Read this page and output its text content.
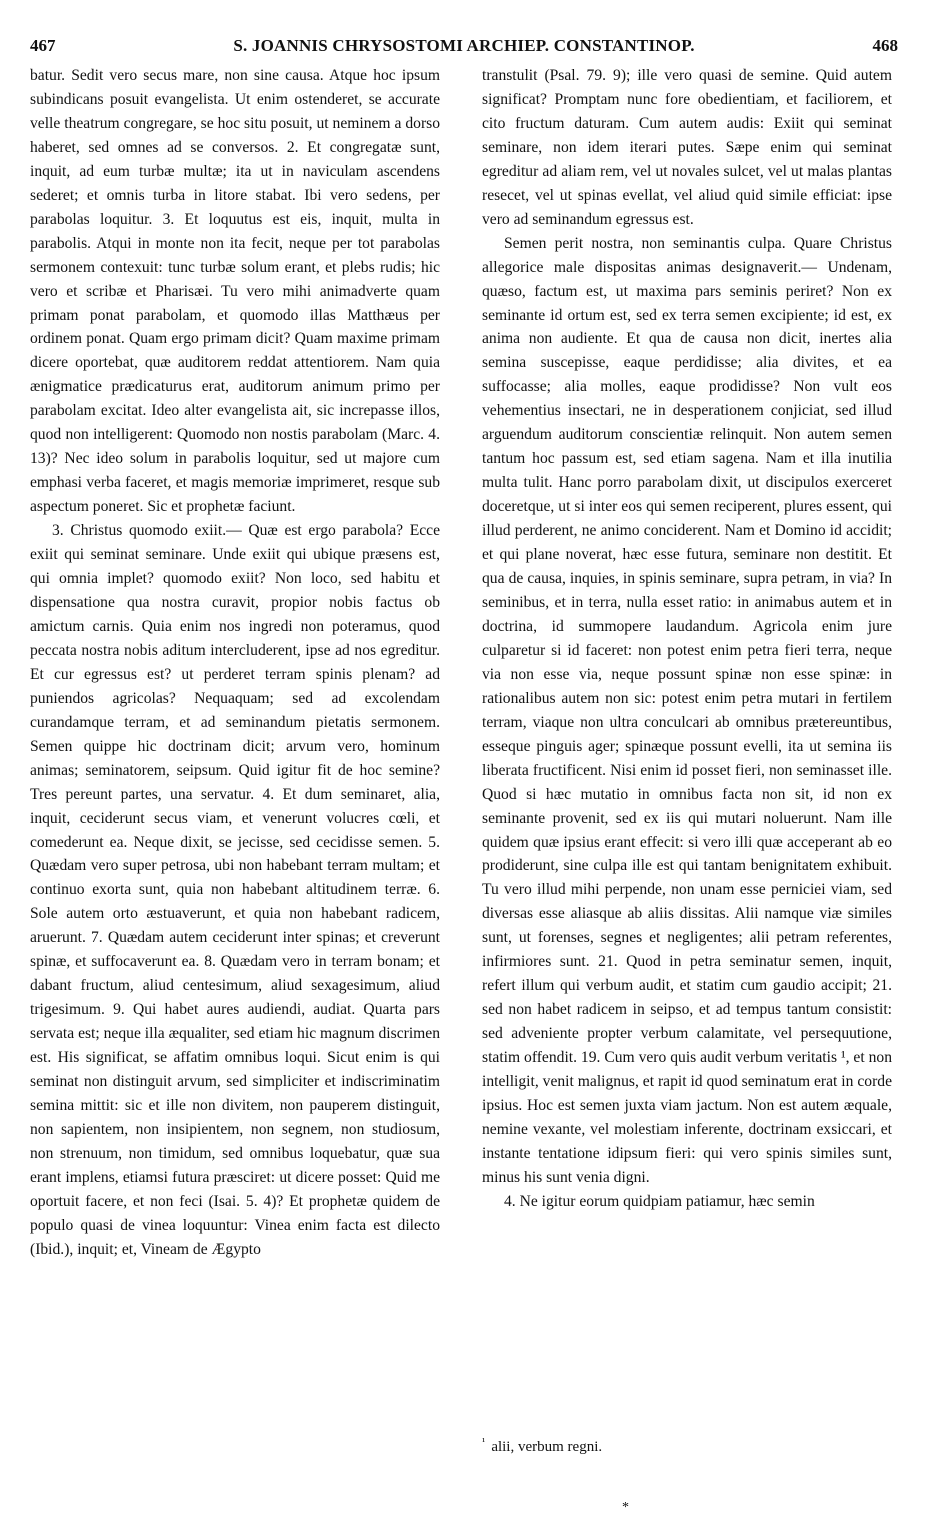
467	S. JOANNIS CHRYSOSTOMI ARCHIEP. CONSTANTINOP.	468

batur. Sedit vero secus mare, non sine causa. Atque hoc ipsum subindicans posuit evangelista. Ut enim ostenderet, se accurate velle theatrum congregare, se hoc situ posuit, ut neminem a dorso haberet, sed omnes ad se conversos. 2. Et congregatæ sunt, inquit, ad eum turbæ multæ; ita ut in naviculam ascendens sederet; et omnis turba in litore stabat. Ibi vero sedens, per parabolas loquitur. 3. Et loquutus est eis, inquit, multa in parabolis. Atqui in monte non ita fecit, neque per tot parabolas sermonem contexuit: tunc turbæ solum erant, et plebs rudis; hic vero et scribæ et Pharisæi. Tu vero mihi animadverte quam primam ponat parabolam, et quomodo illas Matthæus per ordinem ponat. Quam ergo primam dicit? Quam maxime primam dicere oportebat, quæ auditorem reddat attentiorem. Nam quia ænigmatice prædicaturus erat, auditorum animum primo per parabolam excitat. Ideo alter evangelista ait, sic increpasse illos, quod non intelligerent: Quomodo non nostis parabolam (Marc. 4. 13)? Nec ideo solum in parabolis loquitur, sed ut majore cum emphasi verba faceret, et magis memoriæ imprimeret, resque sub aspectum poneret. Sic et prophetæ faciunt.

3. Christus quomodo exiit.— Quæ est ergo parabola? Ecce exiit qui seminat seminare. Unde exiit qui ubique præsens est, qui omnia implet? quomodo exiit? Non loco, sed habitu et dispensatione qua nostra curavit, propior nobis factus ob amictum carnis. Quia enim nos ingredi non poteramus, quod peccata nostra nobis aditum intercluderent, ipse ad nos egreditur. Et cur egressus est? ut perderet terram spinis plenam? ad puniendos agricolas? Nequaquam; sed ad excolendam curandamque terram, et ad seminandum pietatis sermonem. Semen quippe hic doctrinam dicit; arvum vero, hominum animas; seminatorem, seipsum. Quid igitur fit de hoc semine? Tres pereunt partes, una servatur. 4. Et dum seminaret, alia, inquit, ceciderunt secus viam, et venerunt volucres cœli, et comederunt ea. Neque dixit, se jecisse, sed cecidisse semen. 5. Quædam vero super petrosa, ubi non habebant terram multam; et continuo exorta sunt, quia non habebant altitudinem terræ. 6. Sole autem orto æstuaverunt, et quia non habebant radicem, aruerunt. 7. Quædam autem ceciderunt inter spinas; et creverunt spinæ, et suffocaverunt ea. 8. Quædam vero in terram bonam; et dabant fructum, aliud centesimum, aliud sexagesimum, aliud trigesimum. 9. Qui habet aures audiendi, audiat. Quarta pars servata est; neque illa æqualiter, sed etiam hic magnum discrimen est. His significat, se affatim omnibus loqui. Sicut enim is qui seminat non distinguit arvum, sed simpliciter et indiscriminatim semina mittit: sic et ille non divitem, non pauperem distinguit, non sapientem, non insipientem, non segnem, non studiosum, non strenuum, non timidum, sed omnibus loquebatur, quæ sua erant implens, etiamsi futura præsciret: ut dicere posset: Quid me oportuit facere, et non feci (Isai. 5. 4)? Et prophetæ quidem de populo quasi de vinea loquuntur: Vinea enim facta est dilecto (Ibid.), inquit; et, Vineam de Ægypto

transtulit (Psal. 79. 9); ille vero quasi de semine. Quid autem significat? Promptam nunc fore obedientiam, et faciliorem, et cito fructum daturam. Cum autem audis: Exiit qui seminat seminare, non idem iterari putes. Sæpe enim qui seminat egreditur ad aliam rem, vel ut novales sulcet, vel ut malas plantas resecet, vel ut spinas evellat, vel aliud quid simile efficiat: ipse vero ad seminandum egressus est.

Semen perit nostra, non seminantis culpa. Quare Christus allegorice male dispositas animas designaverit.— Undenam, quæso, factum est, ut maxima pars seminis periret? Non ex seminante id ortum est, sed ex terra semen excipiente; id est, ex anima non audiente. Et qua de causa non dicit, inertes alia semina suscepisse, eaque perdidisse; alia divites, et ea suffocasse; alia molles, eaque prodidisse? Non vult eos vehementius insectari, ne in desperationem conjiciat, sed illud arguendum auditorum conscientiæ relinquit. Non autem semen tantum hoc passum est, sed etiam sagena. Nam et illa inutilia multa tulit. Hanc porro parabolam dixit, ut discipulos exerceret doceretque, ut si inter eos qui semen reciperent, plures essent, qui illud perderent, ne animo conciderent. Nam et Domino id accidit; et qui plane noverat, hæc esse futura, seminare non destitit. Et qua de causa, inquies, in spinis seminare, supra petram, in via? In seminibus, et in terra, nulla esset ratio: in animabus autem et in doctrina, id summopere laudandum. Agricola enim jure culparetur si id faceret: non potest enim petra fieri terra, neque via non esse via, neque possunt spinæ non esse spinæ: in rationalibus autem non sic: potest enim petra mutari in fertilem terram, viaque non ultra conculcari ab omnibus prætereuntibus, esseque pinguis ager; spinæque possunt evelli, ita ut semina iis liberata fructificent. Nisi enim id posset fieri, non seminasset ille. Quod si hæc mutatio in omnibus facta non sit, id non ex seminante provenit, sed ex iis qui mutari noluerunt. Nam ille quidem quæ ipsius erant effecit: si vero illi quæ acceperant ab eo prodiderunt, sine culpa ille est qui tantam benignitatem exhibuit. Tu vero illud mihi perpende, non unam esse perniciei viam, sed diversas esse aliasque ab aliis dissitas. Alii namque viæ similes sunt, ut forenses, segnes et negligentes; alii petram referentes, infirmiores sunt. 21. Quod in petra seminatur semen, inquit, refert illum qui verbum audit, et statim cum gaudio accipit; 21. sed non habet radicem in seipso, et ad tempus tantum consistit: sed adveniente propter verbum calamitate, vel persequutione, statim offendit. 19. Cum vero quis audit verbum veritatis ¹, et non intelligit, venit malignus, et rapit id quod seminatum erat in corde ipsius. Hoc est semen juxta viam jactum. Non est autem æquale, nemine vexante, vel molestiam inferente, doctrinam exsiccari, et instante tentatione idipsum fieri: qui vero spinis similes sunt, minus his sunt venia digni.

4. Ne igitur eorum quidpiam patiamur, hæc semin

$^{^1}$ alii, verbum regni.
*
